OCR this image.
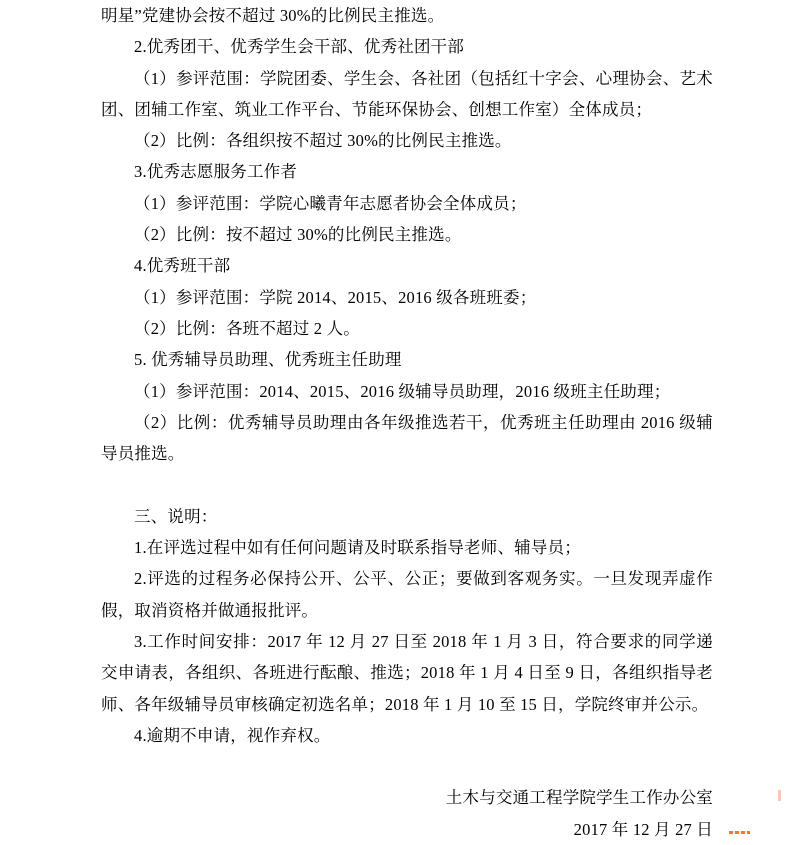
明星”党建协会按不超过 30%的比例民主推选。

2.优秀团干、优秀学生会干部、优秀社团干部

（1）参评范围：学院团委、学生会、各社团（包括红十字会、心理协会、艺术团、团辅工作室、筑业工作平台、节能环保协会、创想工作室）全体成员；

（2）比例：各组织按不超过 30%的比例民主推选。

3.优秀志愿服务工作者

（1）参评范围：学院心曦青年志愿者协会全体成员；

（2）比例：按不超过 30%的比例民主推选。

4.优秀班干部

（1）参评范围：学院 2014、2015、2016 级各班班委；

（2）比例：各班不超过 2 人。

5. 优秀辅导员助理、优秀班主任助理

（1）参评范围：2014、2015、2016 级辅导员助理，2016 级班主任助理；

（2）比例：优秀辅导员助理由各年级推选若干，优秀班主任助理由 2016 级辅导员推选。

三、说明：

1.在评选过程中如有任何问题请及时联系指导老师、辅导员；

2.评选的过程务必保持公开、公平、公正；要做到客观务实。一旦发现弄虚作假，取消资格并做通报批评。

3.工作时间安排：2017 年 12 月 27 日至 2018 年 1 月 3 日，符合要求的同学递交申请表，各组织、各班进行酝酿、推选；2018 年 1 月 4 日至 9 日，各组织指导老师、各年级辅导员审核确定初选名单；2018 年 1 月 10 至 15 日，学院终审并公示。

4.逾期不申请，视作弃权。

土木与交通工程学院学生工作办公室

2017 年 12 月 27 日
